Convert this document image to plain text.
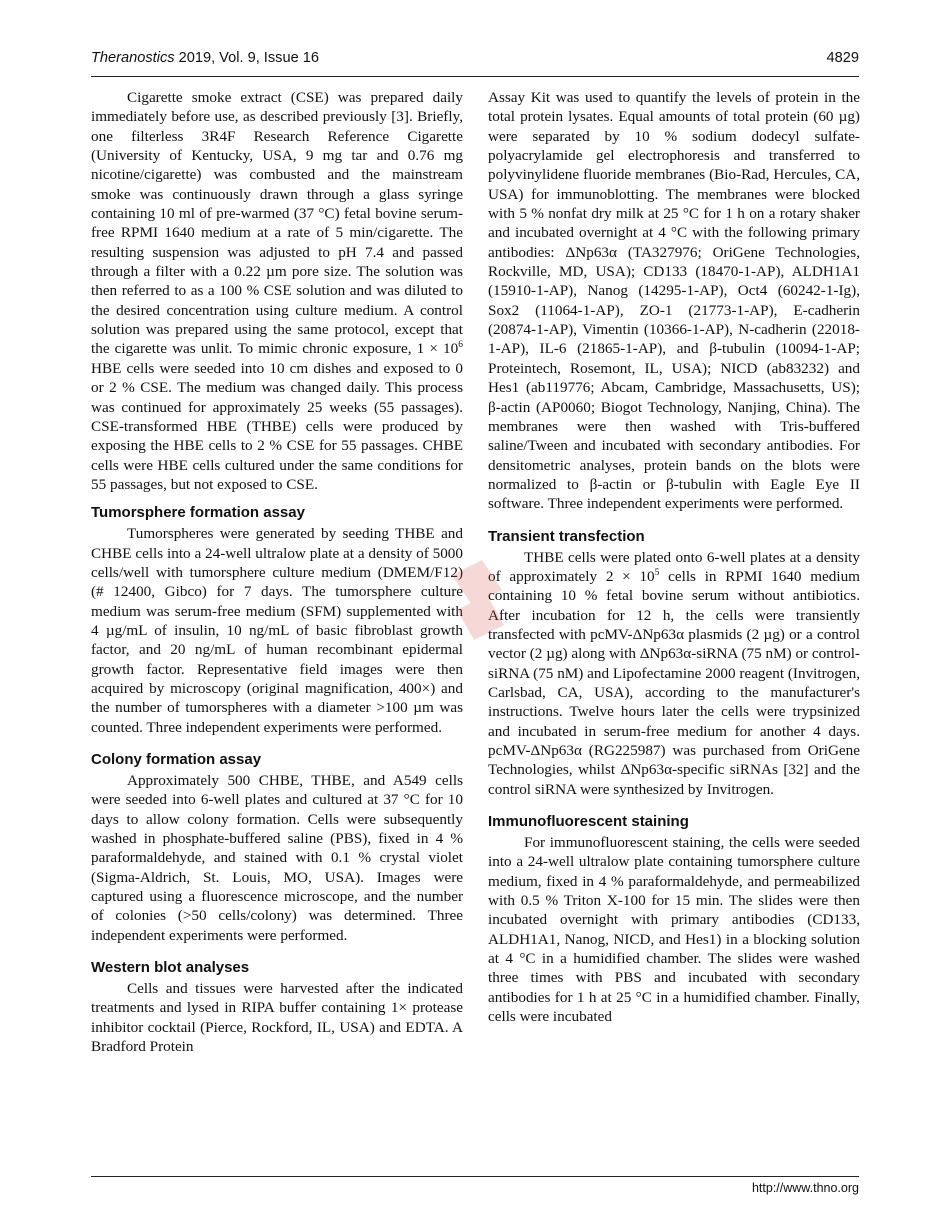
Theranostics 2019, Vol. 9, Issue 16	4829

Cigarette smoke extract (CSE) was prepared daily immediately before use, as described previously [3]. Briefly, one filterless 3R4F Research Reference Cigarette (University of Kentucky, USA, 9 mg tar and 0.76 mg nicotine/cigarette) was combusted and the mainstream smoke was continuously drawn through a glass syringe containing 10 ml of pre-warmed (37 °C) fetal bovine serum-free RPMI 1640 medium at a rate of 5 min/cigarette. The resulting suspension was adjusted to pH 7.4 and passed through a filter with a 0.22 µm pore size. The solution was then referred to as a 100 % CSE solution and was diluted to the desired concentration using culture medium. A control solution was prepared using the same protocol, except that the cigarette was unlit. To mimic chronic exposure, $1 \times 10^6$ HBE cells were seeded into 10 cm dishes and exposed to 0 or 2 % CSE. The medium was changed daily. This process was continued for approximately 25 weeks (55 passages). CSE-transformed HBE (THBE) cells were produced by exposing the HBE cells to 2 % CSE for 55 passages. CHBE cells were HBE cells cultured under the same conditions for 55 passages, but not exposed to CSE.

Tumorsphere formation assay

Tumorspheres were generated by seeding THBE and CHBE cells into a 24-well ultralow plate at a density of 5000 cells/well with tumorsphere culture medium (DMEM/F12) (# 12400, Gibco) for 7 days. The tumorsphere culture medium was serum-free medium (SFM) supplemented with 4 µg/mL of insulin, 10 ng/mL of basic fibroblast growth factor, and 20 ng/mL of human recombinant epidermal growth factor. Representative field images were then acquired by microscopy (original magnification, 400×) and the number of tumorspheres with a diameter >100 µm was counted. Three independent experiments were performed.

Colony formation assay

Approximately 500 CHBE, THBE, and A549 cells were seeded into 6-well plates and cultured at 37 °C for 10 days to allow colony formation. Cells were subsequently washed in phosphate-buffered saline (PBS), fixed in 4 % paraformaldehyde, and stained with 0.1 % crystal violet (Sigma-Aldrich, St. Louis, MO, USA). Images were captured using a fluorescence microscope, and the number of colonies (>50 cells/colony) was determined. Three independent experiments were performed.

Western blot analyses

Cells and tissues were harvested after the indicated treatments and lysed in RIPA buffer containing 1× protease inhibitor cocktail (Pierce, Rockford, IL, USA) and EDTA. A Bradford Protein

Assay Kit was used to quantify the levels of protein in the total protein lysates. Equal amounts of total protein (60 µg) were separated by 10 % sodium dodecyl sulfate-polyacrylamide gel electrophoresis and transferred to polyvinylidene fluoride membranes (Bio-Rad, Hercules, CA, USA) for immunoblotting. The membranes were blocked with 5 % nonfat dry milk at 25 °C for 1 h on a rotary shaker and incubated overnight at 4 °C with the following primary antibodies: ΔNp63α (TA327976; OriGene Technologies, Rockville, MD, USA); CD133 (18470-1-AP), ALDH1A1 (15910-1-AP), Nanog (14295-1-AP), Oct4 (60242-1-Ig), Sox2 (11064-1-AP), ZO-1 (21773-1-AP), E-cadherin (20874-1-AP), Vimentin (10366-1-AP), N-cadherin (22018-1-AP), IL-6 (21865-1-AP), and β-tubulin (10094-1-AP; Proteintech, Rosemont, IL, USA); NICD (ab83232) and Hes1 (ab119776; Abcam, Cambridge, Massachusetts, US); β-actin (AP0060; Biogot Technology, Nanjing, China). The membranes were then washed with Tris-buffered saline/Tween and incubated with secondary antibodies. For densitometric analyses, protein bands on the blots were normalized to β-actin or β-tubulin with Eagle Eye II software. Three independent experiments were performed.

Transient transfection

THBE cells were plated onto 6-well plates at a density of approximately $2 \times 10^5$ cells in RPMI 1640 medium containing 10 % fetal bovine serum without antibiotics. After incubation for 12 h, the cells were transiently transfected with pcMV-ΔNp63α plasmids (2 µg) or a control vector (2 µg) along with ΔNp63α-siRNA (75 nM) or control-siRNA (75 nM) and Lipofectamine 2000 reagent (Invitrogen, Carlsbad, CA, USA), according to the manufacturer's instructions. Twelve hours later the cells were trypsinized and incubated in serum-free medium for another 4 days. pcMV-ΔNp63α (RG225987) was purchased from OriGene Technologies, whilst ΔNp63α-specific siRNAs [32] and the control siRNA were synthesized by Invitrogen.

Immunofluorescent staining

For immunofluorescent staining, the cells were seeded into a 24-well ultralow plate containing tumorsphere culture medium, fixed in 4 % paraformaldehyde, and permeabilized with 0.5 % Triton X-100 for 15 min. The slides were then incubated overnight with primary antibodies (CD133, ALDH1A1, Nanog, NICD, and Hes1) in a blocking solution at 4 °C in a humidified chamber. The slides were washed three times with PBS and incubated with secondary antibodies for 1 h at 25 °C in a humidified chamber. Finally, cells were incubated

http://www.thno.org
